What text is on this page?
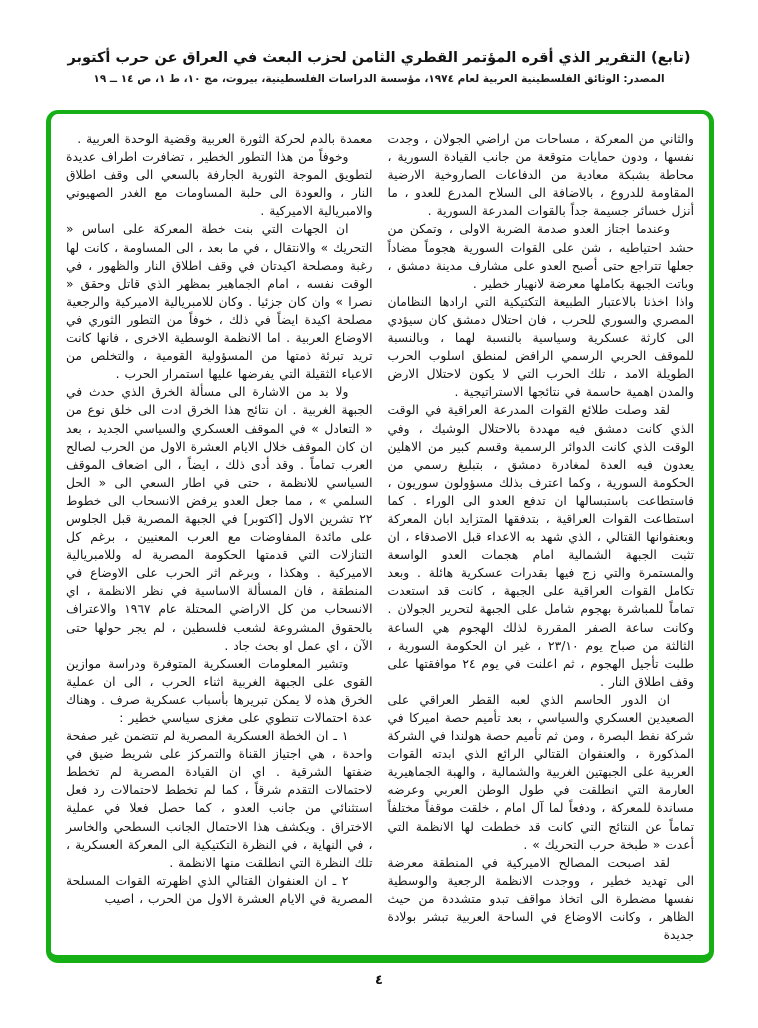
(تابع) التقرير الذي أقره المؤتمر القطري الثامن لحزب البعث في العراق عن حرب أكتوبر
المصدر: الوثائق الفلسطينية العربية لعام ١٩٧٤، مؤسسة الدراسات الفلسطينية، بيروت، مج ١٠، ط ١، ص ١٤ ــ ١٩

والثاني من المعركة ، مساحات من اراضي الجولان ، وجدت نفسها ، ودون حمايات متوقعة من جانب القيادة السورية ، محاطة بشبكة معادية من الدفاعات الصاروخية الارضية المقاومة للدروع ، بالاضافة الى السلاح المدرع للعدو ، ما أنزل خسائر جسيمة جداً بالقوات المدرعة السورية .

وعندما اجتاز العدو صدمة الضربة الاولى ، وتمكن من حشد احتياطيه ، شن على القوات السورية هجوماً مضاداً جعلها تتراجع حتى أصبح العدو على مشارف مدينة دمشق ، وباتت الجبهة بكاملها معرضة لانهيار خطير .

واذا اخذنا بالاعتبار الطبيعة التكتيكية التي ارادها النظامان المصري والسوري للحرب ، فان احتلال دمشق كان سيؤدي الى كارثة عسكرية وسياسية بالنسبة لهما ، وبالنسبة للموقف الحربي الرسمي الرافض لمنطق اسلوب الحرب الطويلة الامد ، تلك الحرب التي لا يكون لاحتلال الارض والمدن اهمية حاسمة في نتائجها الاستراتيجية .

لقد وصلت طلائع القوات المدرعة العراقية في الوقت الذي كانت دمشق فيه مهددة بالاحتلال الوشيك ، وفي الوقت الذي كانت الدوائر الرسمية وقسم كبير من الاهلين يعدون فيه العدة لمغادرة دمشق ، بتبليغ رسمي من الحكومة السورية ، وكما اعترف بذلك مسؤولون سوريون ، فاستطاعت باستبسالها ان تدفع العدو الى الوراء . كما استطاعت القوات العراقية ، بتدفقها المتزايد ابان المعركة وبعنفوانها القتالي ، الذي شهد به الاعداء قبل الاصدقاء ، ان تثبت الجبهة الشمالية امام هجمات العدو الواسعة والمستمرة والتي زج فيها بقدرات عسكرية هائلة . وبعد تكامل القوات العراقية على الجبهة ، كانت قد استعدت تماماً للمباشرة بهجوم شامل على الجبهة لتحرير الجولان . وكانت ساعة الصفر المقررة لذلك الهجوم هي الساعة الثالثة من صباح يوم ٢٣/١٠ ، غير ان الحكومة السورية ، طلبت تأجيل الهجوم ، ثم اعلنت في يوم ٢٤ موافقتها على وقف اطلاق النار .

ان الدور الحاسم الذي لعبه القطر العراقي على الصعيدين العسكري والسياسي ، بعد تأميم حصة اميركا في شركة نفط البصرة ، ومن ثم تأميم حصة هولندا في الشركة المذكورة ، والعنفوان القتالي الرائع الذي ابدته القوات العربية على الجبهتين الغربية والشمالية ، والهبة الجماهيرية العارمة التي انطلقت في طول الوطن العربي وعرضه مساندة للمعركة ، ودفعاً لما آل امام ، خلقت موقفاً مختلفاً تماماً عن النتائج التي كانت قد خططت لها الانظمة التي أعدت « طبخة حرب التحريك » .

لقد اصبحت المصالح الاميركية في المنطقة معرضة الى تهديد خطير ، ووجدت الانظمة الرجعية والوسطية نفسها مضطرة الى اتخاذ مواقف تبدو متشددة من حيث الظاهر ، وكانت الاوضاع في الساحة العربية تبشر بولادة جديدة

معمدة بالدم لحركة الثورة العربية وقضية الوحدة العربية .

وخوفاً من هذا التطور الخطير ، تضافرت اطراف عديدة لتطويق الموجة الثورية الجارفة بالسعي الى وقف اطلاق النار ، والعودة الى حلبة المساومات مع الغدر الصهيوني والامبريالية الاميركية .

ان الجهات التي بنت خطة المعركة على اساس « التحريك » والانتقال ، في ما بعد ، الى المساومة ، كانت لها رغبة ومصلحة اكيدتان في وقف اطلاق النار والظهور ، في الوقت نفسه ، امام الجماهير بمظهر الذي قاتل وحقق « نصرا » وان كان جزئيا . وكان للامبريالية الاميركية والرجعية مصلحة اكيدة ايضاً في ذلك ، خوفاً من التطور الثوري في الاوضاع العربية . اما الانظمة الوسطية الاخرى ، فانها كانت تريد تبرئة ذمتها من المسؤولية القومية ، والتخلص من الاعباء الثقيلة التي يفرضها عليها استمرار الحرب .

ولا بد من الاشارة الى مسألة الخرق الذي حدث في الجبهة الغربية . ان نتائج هذا الخرق ادت الى خلق نوع من « التعادل » في الموقف العسكري والسياسي الجديد ، بعد ان كان الموقف خلال الايام العشرة الاول من الحرب لصالح العرب تماماً . وقد أدى ذلك ، ايضاً ، الى اضعاف الموقف السياسي للانظمة ، حتى في اطار السعي الى « الحل السلمي » ، مما جعل العدو يرفض الانسحاب الى خطوط ٢٢ تشرين الاول [اكتوبر] في الجبهة المصرية قبل الجلوس على مائدة المفاوضات مع العرب المعنيين ، برغم كل التنازلات التي قدمتها الحكومة المصرية له وللامبريالية الاميركية . وهكذا ، وبرغم اثر الحرب على الاوضاع في المنطقة ، فان المسألة الاساسية في نظر الانظمة ، اي الانسحاب من كل الاراضي المحتلة عام ١٩٦٧ والاعتراف بالحقوق المشروعة لشعب فلسطين ، لم يجر حولها حتى الآن ، اي عمل او بحث جاد .

وتشير المعلومات العسكرية المتوفرة ودراسة موازين القوى على الجبهة الغربية اثناء الحرب ، الى ان عملية الخرق هذه لا يمكن تبريرها بأسباب عسكرية صرف . وهناك عدة احتمالات تنطوي على مغزى سياسي خطير :

١ ـ ان الخطة العسكرية المصرية لم تتضمن غير صفحة واحدة ، هي اجتياز القناة والتمركز على شريط ضيق في ضفتها الشرقية . اي ان القيادة المصرية لم تخطط لاحتمالات التقدم شرقاً ، كما لم تخطط لاحتمالات رد فعل استثنائي من جانب العدو ، كما حصل فعلا في عملية الاختراق . ويكشف هذا الاحتمال الجانب السطحي والخاسر ، في النهاية ، في النظرة التكتيكية الى المعركة العسكرية ، تلك النظرة التي انطلقت منها الانظمة .

٢ ـ ان العنفوان القتالي الذي اظهرته القوات المسلحة المصرية في الايام العشرة الاول من الحرب ، اصيب

٤
